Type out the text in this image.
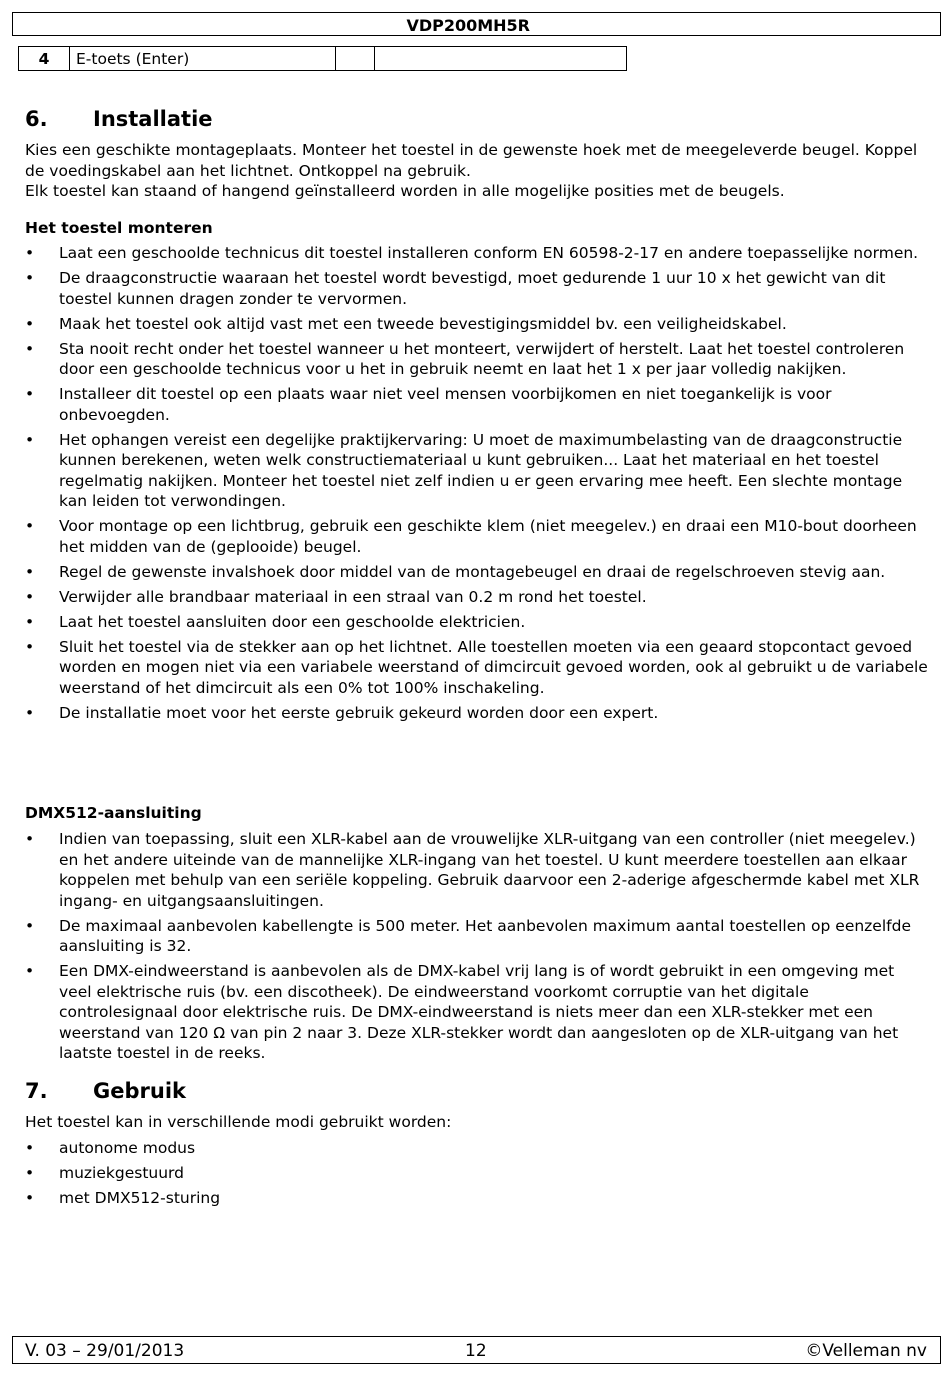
VDP200MH5R
4	E-toets (Enter)		
6. Installatie

Kies een geschikte montageplaats. Monteer het toestel in de gewenste hoek met de meegeleverde beugel. Koppel de voedingskabel aan het lichtnet. Ontkoppel na gebruik.

Elk toestel kan staand of hangend geïnstalleerd worden in alle mogelijke posities met de beugels.

Het toestel monteren

• Laat een geschoolde technicus dit toestel installeren conform EN 60598-2-17 en andere toepasselijke normen.
• De draagconstructie waaraan het toestel wordt bevestigd, moet gedurende 1 uur 10 x het gewicht van dit toestel kunnen dragen zonder te vervormen.
• Maak het toestel ook altijd vast met een tweede bevestigingsmiddel bv. een veiligheidskabel.
• Sta nooit recht onder het toestel wanneer u het monteert, verwijdert of herstelt. Laat het toestel controleren door een geschoolde technicus voor u het in gebruik neemt en laat het 1 x per jaar volledig nakijken.
• Installeer dit toestel op een plaats waar niet veel mensen voorbijkomen en niet toegankelijk is voor onbevoegden.
• Het ophangen vereist een degelijke praktijkervaring: U moet de maximumbelasting van de draagconstructie kunnen berekenen, weten welk constructiemateriaal u kunt gebruiken... Laat het materiaal en het toestel regelmatig nakijken. Monteer het toestel niet zelf indien u er geen ervaring mee heeft. Een slechte montage kan leiden tot verwondingen.
• Voor montage op een lichtbrug, gebruik een geschikte klem (niet meegelev.) en draai een M10-bout doorheen het midden van de (geplooide) beugel.
• Regel de gewenste invalshoek door middel van de montagebeugel en draai de regelschroeven stevig aan.
• Verwijder alle brandbaar materiaal in een straal van 0.2 m rond het toestel.
• Laat het toestel aansluiten door een geschoolde elektricien.
• Sluit het toestel via de stekker aan op het lichtnet. Alle toestellen moeten via een geaard stopcontact gevoed worden en mogen niet via een variabele weerstand of dimcircuit gevoed worden, ook al gebruikt u de variabele weerstand of het dimcircuit als een 0% tot 100% inschakeling.
• De installatie moet voor het eerste gebruik gekeurd worden door een expert.

DMX512-aansluiting

• Indien van toepassing, sluit een XLR-kabel aan de vrouwelijke XLR-uitgang van een controller (niet meegelev.) en het andere uiteinde van de mannelijke XLR-ingang van het toestel. U kunt meerdere toestellen aan elkaar koppelen met behulp van een seriële koppeling. Gebruik daarvoor een 2-aderige afgeschermde kabel met XLR ingang- en uitgangsaansluitingen.
• De maximaal aanbevolen kabellengte is 500 meter. Het aanbevolen maximum aantal toestellen op eenzelfde aansluiting is 32.
• Een DMX-eindweerstand is aanbevolen als de DMX-kabel vrij lang is of wordt gebruikt in een omgeving met veel elektrische ruis (bv. een discotheek). De eindweerstand voorkomt corruptie van het digitale controlesignaal door elektrische ruis. De DMX-eindweerstand is niets meer dan een XLR-stekker met een weerstand van 120 Ω van pin 2 naar 3. Deze XLR-stekker wordt dan aangesloten op de XLR-uitgang van het laatste toestel in de reeks.
7. Gebruik

Het toestel kan in verschillende modi gebruikt worden:

• autonome modus
• muziekgestuurd
• met DMX512-sturing
V. 03 – 29/01/2013	12	©Velleman nv
